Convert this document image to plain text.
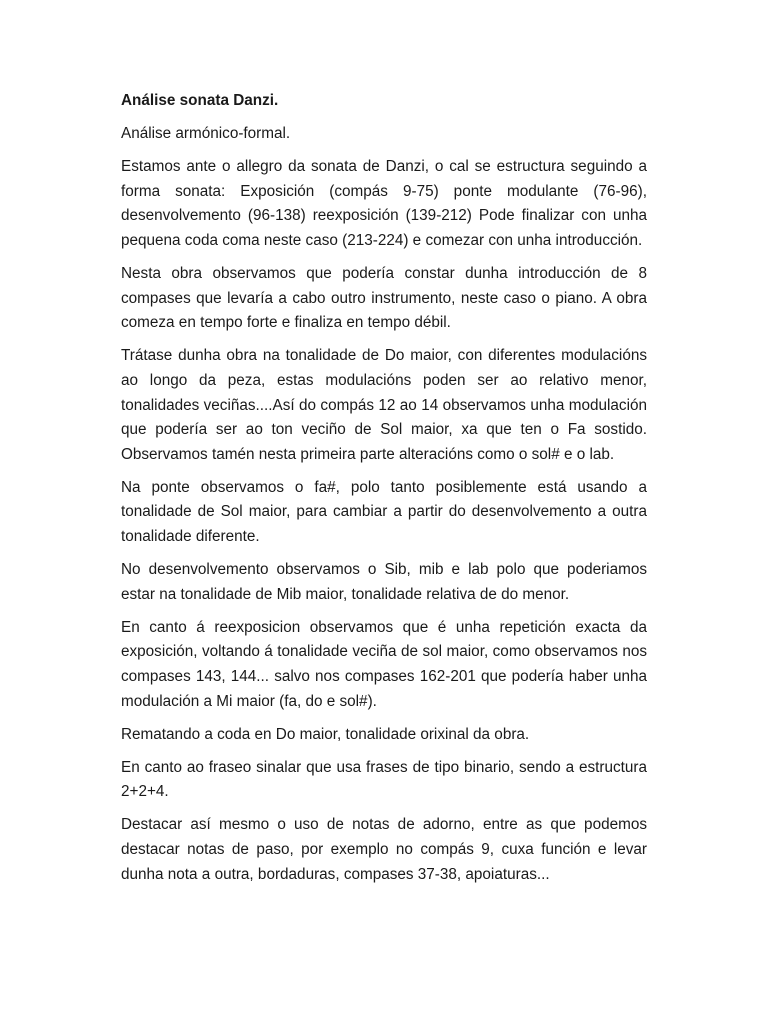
Análise sonata Danzi.

Análise armónico-formal.

Estamos ante o allegro da sonata de Danzi, o cal se estructura seguindo a forma sonata: Exposición (compás 9-75) ponte modulante (76-96), desenvolvemento (96-138) reexposición (139-212) Pode finalizar con unha pequena coda coma neste caso (213-224) e comezar con unha introducción.

Nesta obra observamos que podería constar dunha introducción de 8 compases que levaría a cabo outro instrumento, neste caso o piano. A obra comeza en tempo forte e finaliza en tempo débil.

Trátase dunha obra na tonalidade de Do maior, con diferentes modulacións ao longo da peza, estas modulacións poden ser ao relativo menor, tonalidades veciñas....Así do compás 12 ao 14 observamos unha modulación que podería ser ao ton veciño de Sol maior, xa que ten o Fa sostido. Observamos tamén nesta primeira parte alteracións como o sol# e o lab.

Na ponte observamos o fa#, polo tanto posiblemente está usando a tonalidade de Sol maior, para cambiar a partir do desenvolvemento a outra tonalidade diferente.

No desenvolvemento observamos o Sib, mib e lab polo que poderiamos estar na tonalidade de Mib maior, tonalidade relativa de do menor.

En canto á reexposicion observamos que é unha repetición exacta da exposición, voltando á tonalidade veciña de sol maior, como observamos nos compases 143, 144... salvo nos compases 162-201 que podería haber unha modulación a Mi maior (fa, do e sol#).

Rematando a coda en Do maior, tonalidade orixinal da obra.

En canto ao fraseo sinalar que usa frases de tipo binario, sendo a estructura 2+2+4.

Destacar así mesmo o uso de notas de adorno, entre as que podemos destacar notas de paso, por exemplo no compás 9, cuxa función e levar dunha nota a outra, bordaduras, compases 37-38, apoiaturas...
